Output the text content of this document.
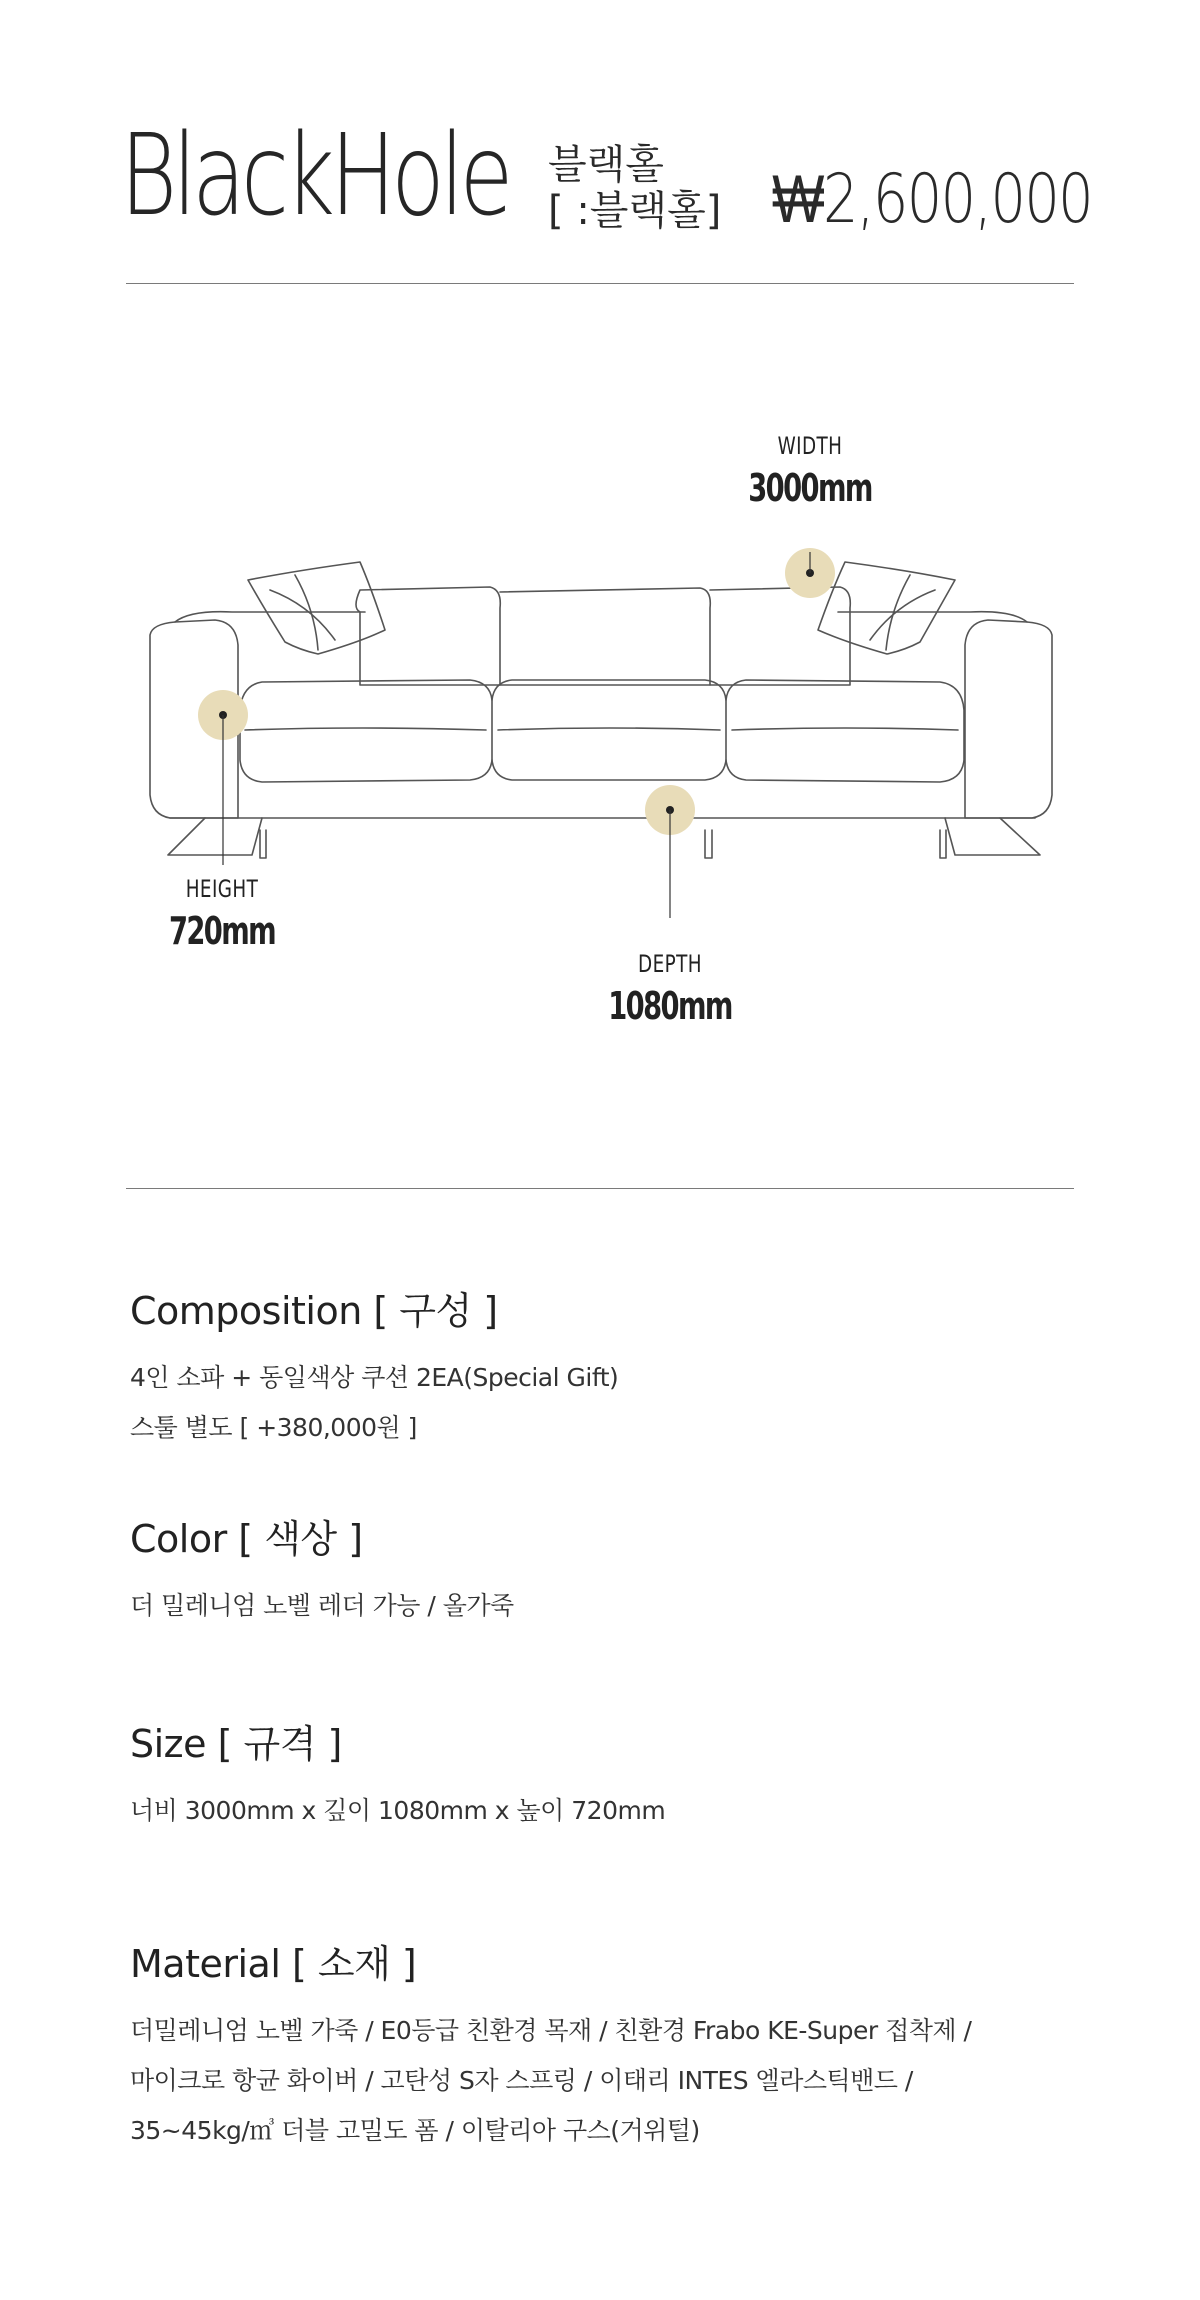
BlackHole 블랙홀
[ :블랙홀] ₩2,600,000
WIDTH
3000mm
HEIGHT
720mm
DEPTH
1080mm
Composition [ 구성 ]

4인 소파 + 동일색상 쿠션 2EA(Special Gift)

스툴 별도 [ +380,000원 ]

Color [ 색상 ]

더 밀레니엄 노벨 레더 가능 / 올가죽

Size [ 규격 ]

너비 3000mm x 깊이 1080mm x 높이 720mm

Material [ 소재 ]

더밀레니엄 노벨 가죽 / E0등급 친환경 목재 / 친환경 Frabo KE-Super 접착제 /

마이크로 항균 화이버 / 고탄성 S자 스프링 / 이태리 INTES 엘라스틱밴드 /

35~45kg/㎥ 더블 고밀도 폼 / 이탈리아 구스(거위털)
